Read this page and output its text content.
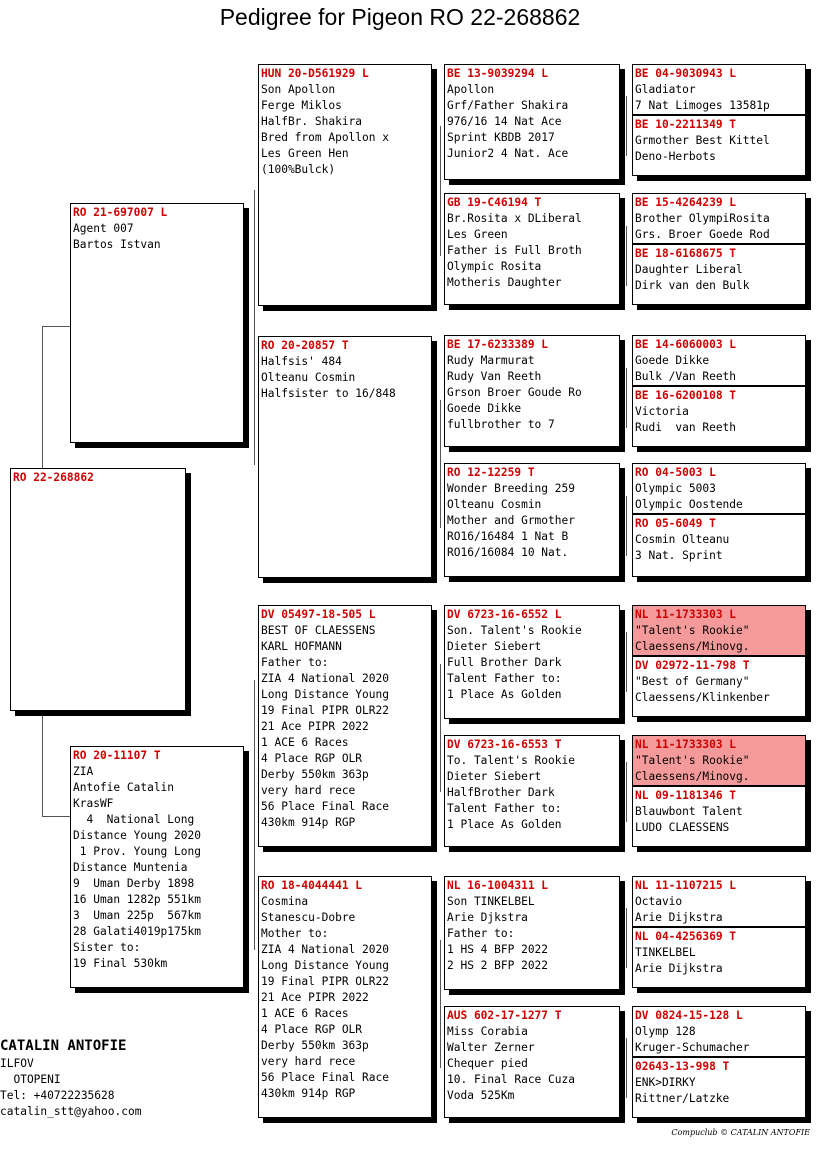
Pedigree for Pigeon RO 22-268862
RO 22-268862
RO 21-697007 L
Agent 007
Bartos Istvan
RO 20-11107 T
ZIA
Antofie Catalin
KrasWF
4  National Long
Distance Young 2020
1 Prov. Young Long
Distance Muntenia
9  Uman Derby 1898
16 Uman 1282p 551km
3  Uman 225p  567km
28 Galati4019p175km
Sister to:
19 Final 530km
HUN 20-D561929 L
Son Apollon
Ferge Miklos
HalfBr. Shakira
Bred from Apollon x
Les Green Hen
(100%Bulck)
RO 20-20857 T
Halfsis' 484
Olteanu Cosmin
Halfsister to 16/848
DV 05497-18-505 L
BEST OF CLAESSENS
KARL HOFMANN
Father to:
ZIA 4 National 2020
Long Distance Young
19 Final PIPR OLR22
21 Ace PIPR 2022
1 ACE 6 Races
4 Place RGP OLR
Derby 550km 363p
very hard rece
56 Place Final Race
430km 914p RGP
RO 18-4044441 L
Cosmina
Stanescu-Dobre
Mother to:
ZIA 4 National 2020
Long Distance Young
19 Final PIPR OLR22
21 Ace PIPR 2022
1 ACE 6 Races
4 Place RGP OLR
Derby 550km 363p
very hard rece
56 Place Final Race
430km 914p RGP
BE 13-9039294 L
Apollon
Grf/Father Shakira
976/16 14 Nat Ace
Sprint KBDB 2017
Junior2 4 Nat. Ace
GB 19-C46194 T
Br.Rosita x DLiberal
Les Green
Father is Full Broth
Olympic Rosita
Motheris Daughter
BE 17-6233389 L
Rudy Marmurat
Rudy Van Reeth
Grson Broer Goude Ro
Goede Dikke
fullbrother to 7
RO 12-12259 T
Wonder Breeding 259
Olteanu Cosmin
Mother and Grmother
RO16/16484 1 Nat B
RO16/16084 10 Nat.
DV 6723-16-6552 L
Son. Talent's Rookie
Dieter Siebert
Full Brother Dark
Talent Father to:
1 Place As Golden
DV 6723-16-6553 T
To. Talent's Rookie
Dieter Siebert
HalfBrother Dark
Talent Father to:
1 Place As Golden
NL 16-1004311 L
Son TINKELBEL
Arie Djkstra
Father to:
1 HS 4 BFP 2022
2 HS 2 BFP 2022
AUS 602-17-1277 T
Miss Corabia
Walter Zerner
Chequer pied
10. Final Race Cuza
Voda 525Km
BE 04-9030943 L
Gladiator
7 Nat Limoges 13581p
BE 10-2211349 T
Grmother Best Kittel
Deno-Herbots
BE 15-4264239 L
Brother OlympiRosita
Grs. Broer Goede Rod
BE 18-6168675 T
Daughter Liberal
Dirk van den Bulk
BE 14-6060003 L
Goede Dikke
Bulk /Van Reeth
BE 16-6200108 T
Victoria
Rudi  van Reeth
RO 04-5003 L
Olympic 5003
Olympic Oostende
RO 05-6049 T
Cosmin Olteanu
3 Nat. Sprint
NL 11-1733303 L
"Talent's Rookie"
Claessens/Minovg.
DV 02972-11-798 T
"Best of Germany"
Claessens/Klinkenber
NL 11-1733303 L
"Talent's Rookie"
Claessens/Minovg.
NL 09-1181346 T
Blauwbont Talent
LUDO CLAESSENS
NL 11-1107215 L
Octavio
Arie Dijkstra
NL 04-4256369 T
TINKELBEL
Arie Dijkstra
DV 0824-15-128 L
Olymp 128
Kruger-Schumacher
02643-13-998 T
ENK>DIRKY
Rittner/Latzke
CATALIN ANTOFIE
ILFOV
OTOPENI
Tel: +40722235628
catalin_stt@yahoo.com
Compuclub © CATALIN ANTOFIE
